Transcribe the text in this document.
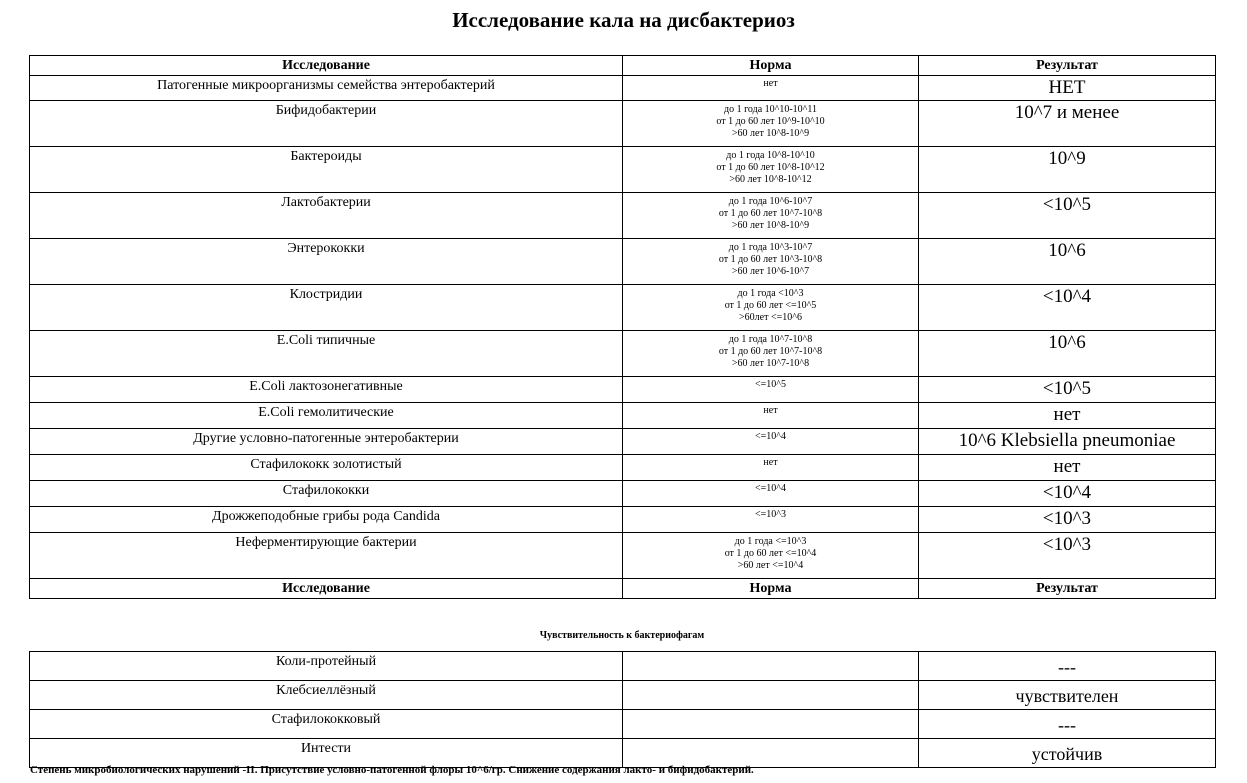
Исследование кала на дисбактериоз
Исследование	Норма	Результат
Патогенные микроорганизмы семейства энтеробактерий	нет	НЕТ
Бифидобактерии	до 1 года 10^10-10^11
от 1 до 60 лет 10^9-10^10
>60 лет 10^8-10^9	10^7 и менее
Бактероиды	до 1 года 10^8-10^10
от 1 до 60 лет 10^8-10^12
>60 лет 10^8-10^12	10^9
Лактобактерии	до 1 года 10^6-10^7
от 1 до 60 лет 10^7-10^8
>60 лет 10^8-10^9	<10^5
Энтерококки	до 1 года 10^3-10^7
от 1 до 60 лет 10^3-10^8
>60 лет 10^6-10^7	10^6
Клостридии	до 1 года <10^3
от 1 до 60 лет <=10^5
>60лет <=10^6	<10^4
E.Coli типичные	до 1 года 10^7-10^8
от 1 до 60 лет 10^7-10^8
>60 лет 10^7-10^8	10^6
E.Coli лактозонегативные	<=10^5	<10^5
E.Coli гемолитические	нет	нет
Другие условно-патогенные энтеробактерии	<=10^4	10^6 Klebsiella pneumoniae
Стафилококк золотистый	нет	нет
Стафилококки	<=10^4	<10^4
Дрожжеподобные грибы рода Candida	<=10^3	<10^3
Неферментирующие бактерии	до 1 года <=10^3
от 1 до 60 лет <=10^4
>60 лет <=10^4	<10^3
Исследование	Норма	Результат
Чувствительность к бактериофагам
Коли-протейный		---
Клебсиеллёзный		чувствителен
Стафилококковый		---
Интести		устойчив
Степень микробиологических нарушений -II. Присутствие условно-патогенной флоры 10^6/гр. Снижение содержания лакто- и бифидобактерий.
